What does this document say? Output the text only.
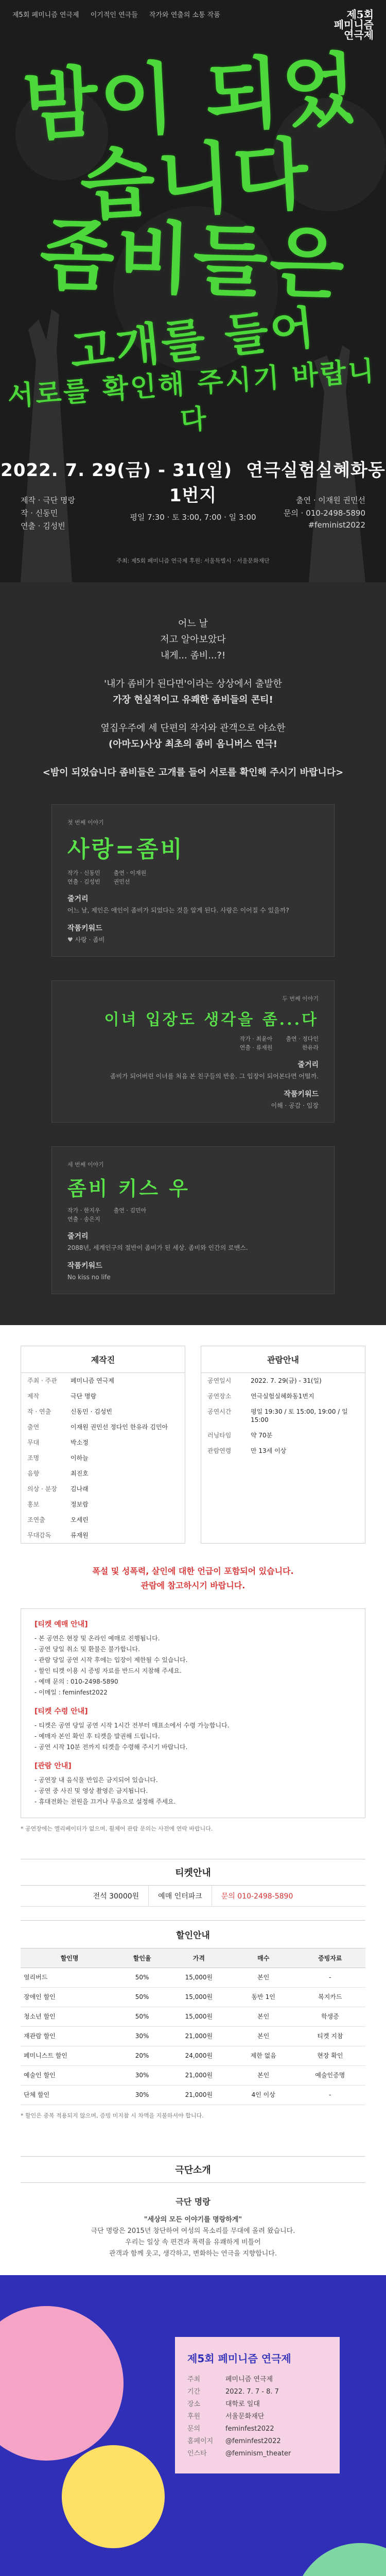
제5회 페미니즘 연극제 이기적인 연극들 작가와 연출의 소통 작품	제5회
페미니즘
연극제
밤이 되었습니다
좀비들은
고개를 들어
서로를 확인해 주시기 바랍니다
2022. 7. 29(금) - 31(일) 연극실험실혜화동1번지
평일 7:30 · 토 3:00, 7:00 · 일 3:00
제작 · 극단 명랑
작 · 신동민
연출 · 김성빈
출연 · 이재원 권민선
문의 · 010-2498-5890
#feminist2022
주최: 제5회 페미니즘 연극제 후원: 서울특별시 · 서울문화재단

어느 날
저고 알아보았다
내게... 좀비...?!

'내가 좀비가 된다면'이라는 상상에서 출발한
가장 현실적이고 유쾌한 좀비들의 콘티!

옆집우주에 세 단편의 작자와 관객으로 야쇼한
(아마도)사상 최초의 좀비 옴니버스 연극!

<밤이 되었습니다 좀비들은 고개를 들어 서로를 확인해 주시기 바랍니다>

첫 번째 이야기
사랑=좀비
작가 · 신동민
연출 · 김성빈
출연 · 이재원
권민선
줄거리
어느 날, 제인은 애인이 좀비가 되었다는 것을 알게 된다. 사랑은 이어질 수 있을까?
작품키워드
♥ 사랑 · 좀비
두 번째 이야기
이녀 입장도 생각을 좀...다
작가 · 최윤아
연출 · 류재원
출연 · 정다인
한유라
줄거리
좀비가 되어버린 이녀를 처음 본 친구들의 반응. 그 입장이 되어본다면 어떨까.
작품키워드
이해 · 공감 · 입장
세 번째 이야기
좀비 키스 우
작가 · 한지우
연출 · 송은지
출연 · 김민아
줄거리
2088년, 세계인구의 절반이 좀비가 된 세상. 좀비와 인간의 로맨스.
작품키워드
No kiss no life
제작진
주최 · 주관	페미니즘 연극제
제작	극단 명랑
작 · 연출	신동민 · 김성빈
출연	이재원 권민선 정다인 한유라 김민아
무대	박소정
조명	이하늘
음향	최진호
의상 · 분장	김나래
홍보	정보람
조연출	오세린
무대감독	류재원
관람안내
공연일시	2022. 7. 29(금) - 31(일)
공연장소	연극실험실혜화동1번지
공연시간	평일 19:30 / 토 15:00, 19:00 / 일 15:00
러닝타임	약 70분
관람연령	만 13세 이상
폭설 및 성폭력, 살인에 대한 언급이 포함되어 있습니다.
관람에 참고하시기 바랍니다.
[티켓 예매 안내]

- 본 공연은 현장 및 온라인 예매로 진행됩니다.

- 공연 당일 취소 및 환불은 불가합니다.

- 관람 당일 공연 시작 후에는 입장이 제한될 수 있습니다.

- 할인 티켓 이용 시 증빙 자료를 반드시 지참해 주세요.

- 예매 문의 : 010-2498-5890

- 이메일 : feminfest2022

[티켓 수령 안내]

- 티켓은 공연 당일 공연 시작 1시간 전부터 매표소에서 수령 가능합니다.

- 예매자 본인 확인 후 티켓을 발권해 드립니다.

- 공연 시작 10분 전까지 티켓을 수령해 주시기 바랍니다.

[관람 안내]

- 공연장 내 음식물 반입은 금지되어 있습니다.

- 공연 중 사진 및 영상 촬영은 금지됩니다.

- 휴대전화는 전원을 끄거나 무음으로 설정해 주세요.

* 공연장에는 엘리베이터가 없으며, 휠체어 관람 문의는 사전에 연락 바랍니다.
티켓안내
전석 30000원	예매 인터파크	문의 010-2498-5890
할인안내
할인명	할인율	가격	매수	증빙자료
얼리버드	50%	15,000원	본인	-
장애인 할인	50%	15,000원	동반 1인	복지카드
청소년 할인	50%	15,000원	본인	학생증
재관람 할인	30%	21,000원	본인	티켓 지참
페미니스트 할인	20%	24,000원	제한 없음	현장 확인
예술인 할인	30%	21,000원	본인	예술인증명
단체 할인	30%	21,000원	4인 이상	-
* 할인은 중복 적용되지 않으며, 증빙 미지참 시 차액을 지불하셔야 합니다.
극단소개
극단 명랑

"세상의 모든 이야기를 명랑하게"

극단 명랑은 2015년 창단하여 여성의 목소리를 무대에 올려 왔습니다.

우리는 일상 속 편견과 폭력을 유쾌하게 비틀어

관객과 함께 웃고, 생각하고, 변화하는 연극을 지향합니다.

제5회 페미니즘 연극제
주최	페미니즘 연극제
기간	2022. 7. 7 - 8. 7
장소	대학로 일대
후원	서울문화재단
문의	feminfest2022
홈페이지	@feminfest2022
인스타	@feminism_theater
